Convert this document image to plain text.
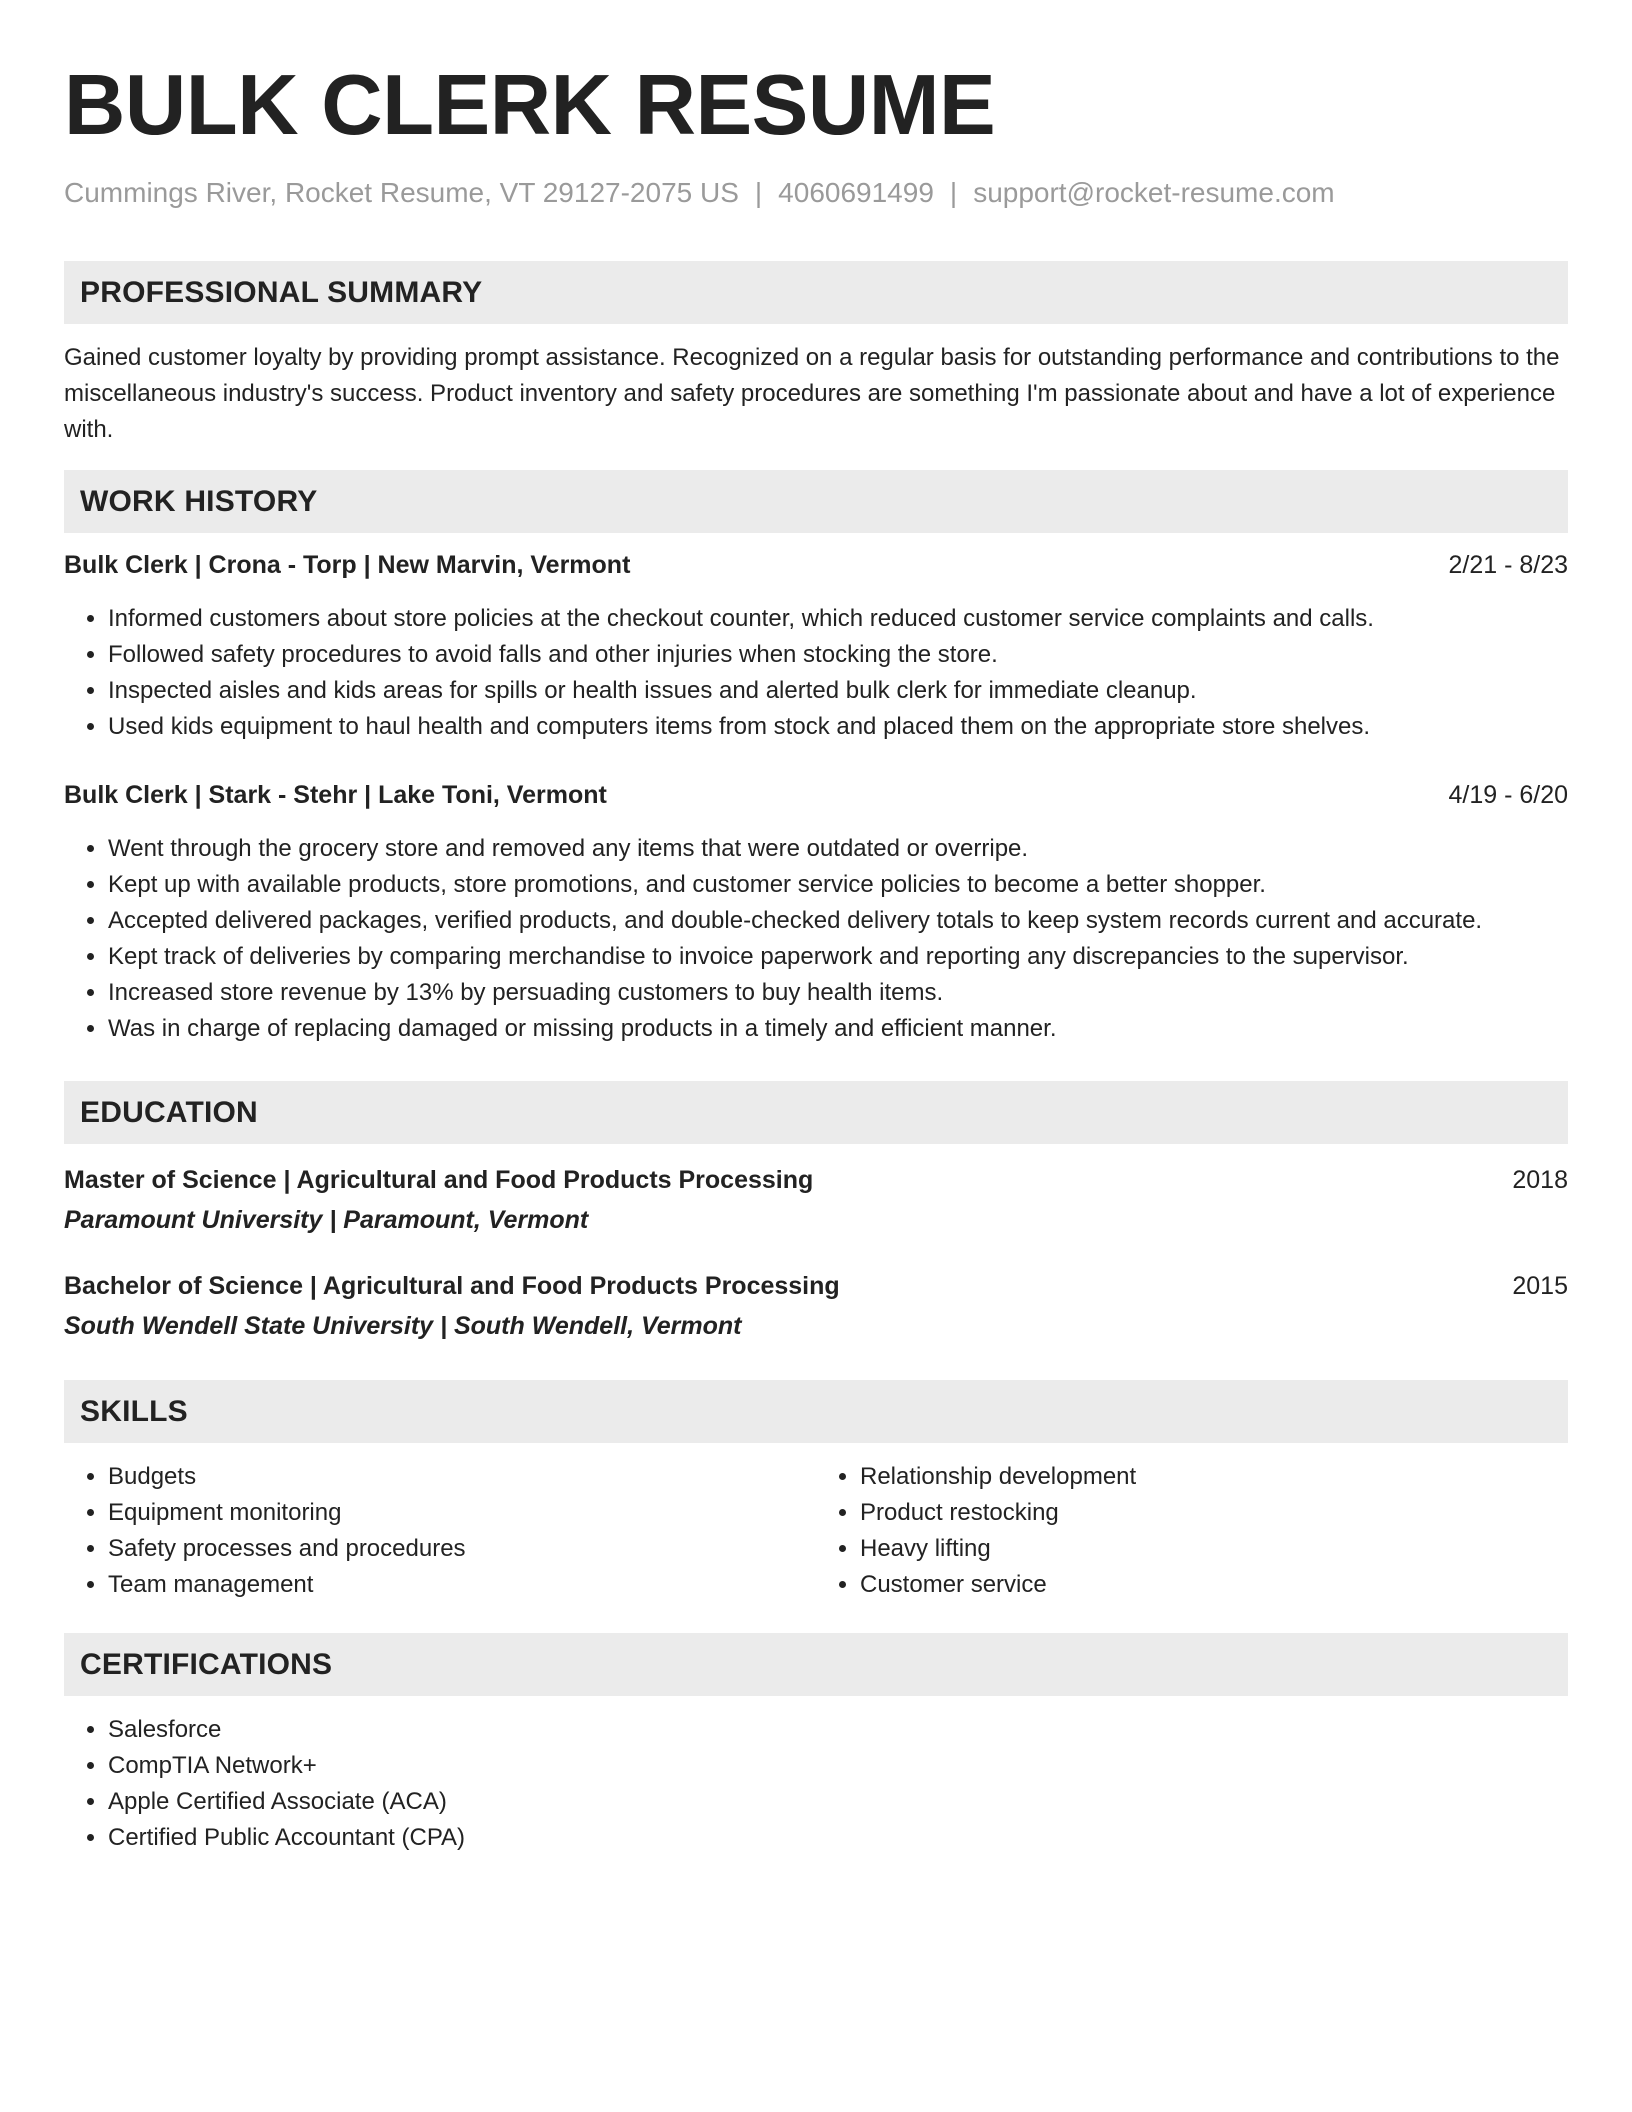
BULK CLERK RESUME
Cummings River, Rocket Resume, VT 29127-2075 US | 4060691499 | support@rocket-resume.com
PROFESSIONAL SUMMARY

Gained customer loyalty by providing prompt assistance. Recognized on a regular basis for outstanding performance and contributions to the miscellaneous industry's success. Product inventory and safety procedures are something I'm passionate about and have a lot of experience with.

WORK HISTORY
Bulk Clerk | Crona - Torp | New Marvin, Vermont	2/21 - 8/23
• Informed customers about store policies at the checkout counter, which reduced customer service complaints and calls.
• Followed safety procedures to avoid falls and other injuries when stocking the store.
• Inspected aisles and kids areas for spills or health issues and alerted bulk clerk for immediate cleanup.
• Used kids equipment to haul health and computers items from stock and placed them on the appropriate store shelves.
Bulk Clerk | Stark - Stehr | Lake Toni, Vermont	4/19 - 6/20
• Went through the grocery store and removed any items that were outdated or overripe.
• Kept up with available products, store promotions, and customer service policies to become a better shopper.
• Accepted delivered packages, verified products, and double-checked delivery totals to keep system records current and accurate.
• Kept track of deliveries by comparing merchandise to invoice paperwork and reporting any discrepancies to the supervisor.
• Increased store revenue by 13% by persuading customers to buy health items.
• Was in charge of replacing damaged or missing products in a timely and efficient manner.
EDUCATION
Master of Science | Agricultural and Food Products Processing	2018
Paramount University | Paramount, Vermont
Bachelor of Science | Agricultural and Food Products Processing	2015
South Wendell State University | South Wendell, Vermont
SKILLS
• Budgets
• Equipment monitoring
• Safety processes and procedures
• Team management
• Relationship development
• Product restocking
• Heavy lifting
• Customer service
CERTIFICATIONS
• Salesforce
• CompTIA Network+
• Apple Certified Associate (ACA)
• Certified Public Accountant (CPA)
